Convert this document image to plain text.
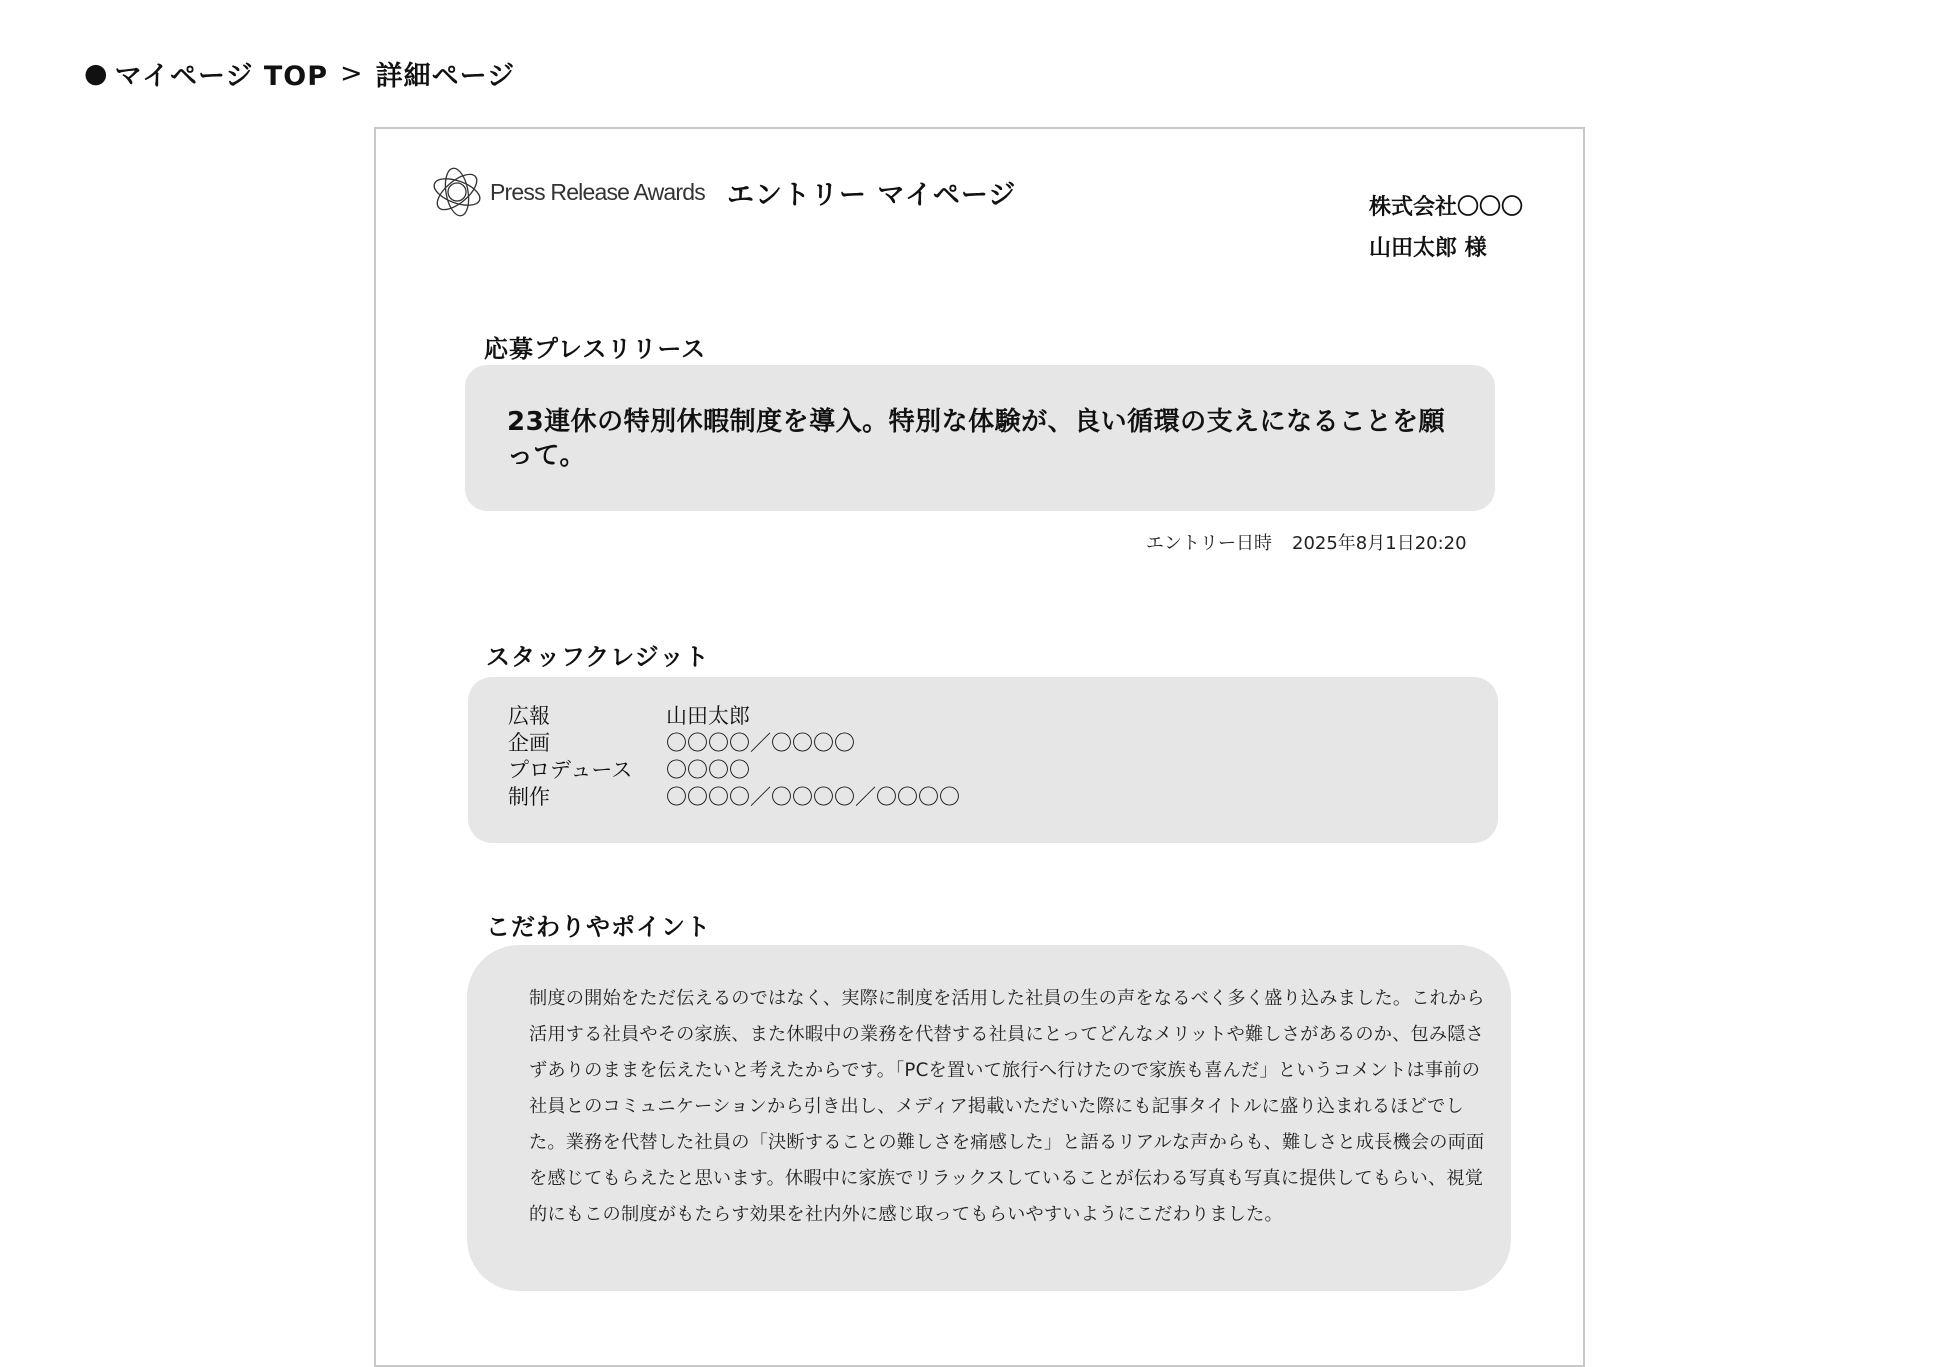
● マイページ TOP > 詳細ページ
Press Release Awards エントリー マイページ	株式会社〇〇〇
山田太郎 様
応募プレスリリース
23連休の特別休暇制度を導入。特別な体験が、良い循環の支えになることを願って。
エントリー日時 2025年8月1日20:20
スタッフクレジット
広報	山田太郎
企画	〇〇〇〇／〇〇〇〇
プロデュース	〇〇〇〇
制作	〇〇〇〇／〇〇〇〇／〇〇〇〇
こだわりやポイント
制度の開始をただ伝えるのではなく、実際に制度を活用した社員の生の声をなるべく多く盛り込みました。これから活用する社員やその家族、また休暇中の業務を代替する社員にとってどんなメリットや難しさがあるのか、包み隠さずありのままを伝えたいと考えたからです。「PCを置いて旅行へ行けたので家族も喜んだ」というコメントは事前の社員とのコミュニケーションから引き出し、メディア掲載いただいた際にも記事タイトルに盛り込まれるほどでした。業務を代替した社員の「決断することの難しさを痛感した」と語るリアルな声からも、難しさと成長機会の両面を感じてもらえたと思います。休暇中に家族でリラックスしていることが伝わる写真も写真に提供してもらい、視覚的にもこの制度がもたらす効果を社内外に感じ取ってもらいやすいようにこだわりました。
